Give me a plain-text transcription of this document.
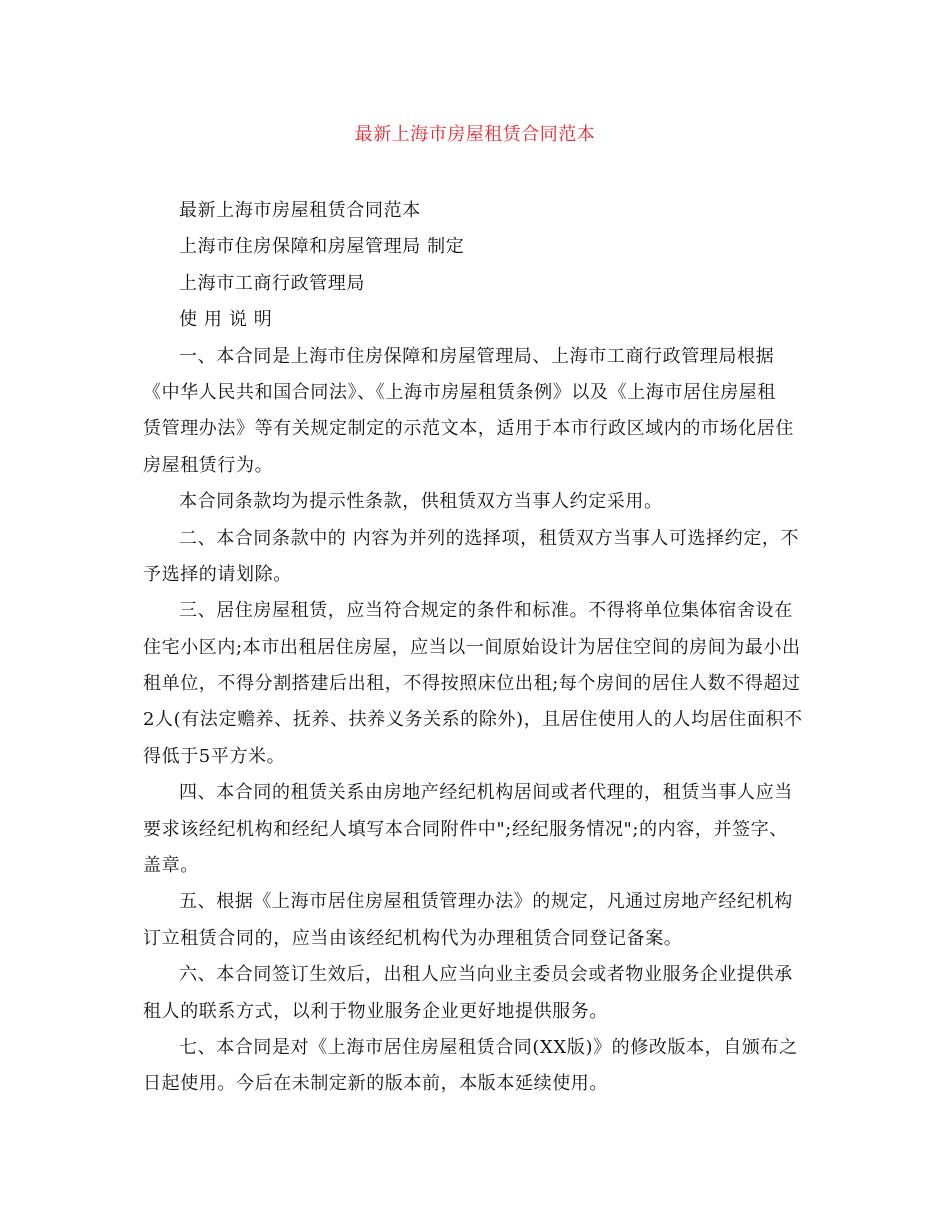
最新上海市房屋租赁合同范本
最新上海市房屋租赁合同范本
上海市住房保障和房屋管理局 制定
上海市工商行政管理局
使 用 说 明
一、本合同是上海市住房保障和房屋管理局、上海市工商行政管理局根据
《中华人民共和国合同法》、《上海市房屋租赁条例》以及《上海市居住房屋租
赁管理办法》等有关规定制定的示范文本，适用于本市行政区域内的市场化居住
房屋租赁行为。
本合同条款均为提示性条款，供租赁双方当事人约定采用。
二、本合同条款中的 内容为并列的选择项，租赁双方当事人可选择约定，不
予选择的请划除。
三、居住房屋租赁，应当符合规定的条件和标准。不得将单位集体宿舍设在
住宅小区内;本市出租居住房屋，应当以一间原始设计为居住空间的房间为最小出
租单位，不得分割搭建后出租，不得按照床位出租;每个房间的居住人数不得超过
2人(有法定赡养、抚养、扶养义务关系的除外)，且居住使用人的人均居住面积不
得低于5平方米。
四、本合同的租赁关系由房地产经纪机构居间或者代理的，租赁当事人应当
要求该经纪机构和经纪人填写本合同附件中";经纪服务情况";的内容，并签字、
盖章。
五、根据《上海市居住房屋租赁管理办法》的规定，凡通过房地产经纪机构
订立租赁合同的，应当由该经纪机构代为办理租赁合同登记备案。
六、本合同签订生效后，出租人应当向业主委员会或者物业服务企业提供承
租人的联系方式，以利于物业服务企业更好地提供服务。
七、本合同是对《上海市居住房屋租赁合同(XX版)》的修改版本，自颁布之
日起使用。今后在未制定新的版本前，本版本延续使用。
